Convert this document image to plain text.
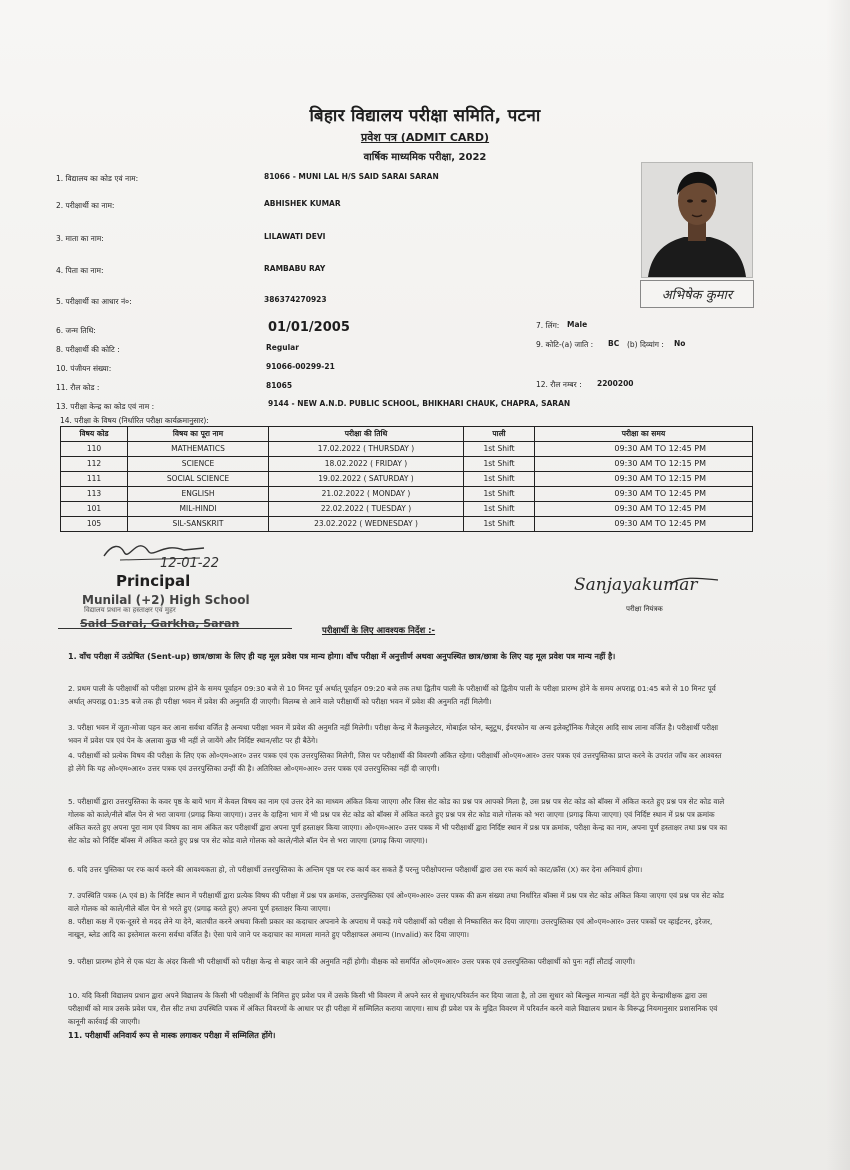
बिहार विद्यालय परीक्षा समिति, पटना
प्रवेश पत्र (ADMIT CARD)
वार्षिक माध्यमिक परीक्षा, 2022
1. विद्यालय का कोड एवं नाम:	81066 - MUNI LAL H/S SAID SARAI SARAN
2. परीक्षार्थी का नाम:	ABHISHEK KUMAR
3. माता का नाम:	LILAWATI DEVI
4. पिता का नाम:	RAMBABU RAY
5. परीक्षार्थी का आधार नं०:	386374270923
6. जन्म तिथि:	01/01/2005	7. लिंग: Male
8. परीक्षार्थी की कोटि :	Regular	9. कोटि-(a) जाति : BC (b) दिव्यांग : No
10. पंजीयन संख्या:	91066-00299-21
11. रौल कोड :	81065	12. रौल नम्बर : 2200200
13. परीक्षा केन्द्र का कोड एवं नाम :	9144 - NEW A.N.D. PUBLIC SCHOOL, BHIKHARI CHAUK, CHAPRA, SARAN
14. परीक्षा के विषय (निर्धारित परीक्षा कार्यक्रमानुसार):
अभिषेक कुमार
विषय कोड	विषय का पूरा नाम	परीक्षा की तिथि	पाली	परीक्षा का समय
110	MATHEMATICS	17.02.2022 ( THURSDAY )	1st Shift	09:30 AM TO 12:45 PM
112	SCIENCE	18.02.2022 ( FRIDAY )	1st Shift	09:30 AM TO 12:15 PM
111	SOCIAL SCIENCE	19.02.2022 ( SATURDAY )	1st Shift	09:30 AM TO 12:15 PM
113	ENGLISH	21.02.2022 ( MONDAY )	1st Shift	09:30 AM TO 12:45 PM
101	MIL-HINDI	22.02.2022 ( TUESDAY )	1st Shift	09:30 AM TO 12:45 PM
105	SIL-SANSKRIT	23.02.2022 ( WEDNESDAY )	1st Shift	09:30 AM TO 12:45 PM
12-01-22
Principal
Munilal (+2) High School
विद्यालय प्रधान का हस्ताक्षर एवं मुहर
Said Sarai, Garkha, Saran
Sanjayakumar
परीक्षा नियंत्रक
परीक्षार्थी के लिए आवश्यक निर्देश :-
1. वाँच परीक्षा में उत्प्रेषित (Sent-up) छात्र/छात्रा के लिए ही यह मूल प्रवेश पत्र मान्य होगा। वाँच परीक्षा में अनुत्तीर्ण अथवा अनुपस्थित छात्र/छात्रा के लिए यह मूल प्रवेश पत्र मान्य नहीं है।
2. प्रथम पाली के परीक्षार्थी को परीक्षा प्रारम्भ होने के समय पूर्वाहन 09:30 बजे से 10 मिनट पूर्व अर्थात् पूर्वाहन 09:20 बजे तक तथा द्वितीय पाली के परीक्षार्थी को द्वितीय पाली के परीक्षा प्रारम्भ होने के समय अपराह्न 01:45 बजे से 10 मिनट पूर्व अर्थात् अपराह्न 01:35 बजे तक ही परीक्षा भवन में प्रवेश की अनुमति दी जाएगी। विलम्ब से आने वाले परीक्षार्थी को परीक्षा भवन में प्रवेश की अनुमति नहीं मिलेगी।
3. परीक्षा भवन में जूता-मोजा पहन कर आना सर्वथा वर्जित है अन्यथा परीक्षा भवन में प्रवेश की अनुमति नहीं मिलेगी। परीक्षा केन्द्र में कैलकुलेटर, मोबाईल फोन, ब्लूटूथ, ईयरफोन या अन्य इलेक्ट्रॉनिक गैजेट्स आदि साथ लाना वर्जित है। परीक्षार्थी परीक्षा भवन में प्रवेश पत्र एवं पेन के अलावा कुछ भी नहीं ले जायेंगे और निर्दिष्ट स्थान/सीट पर ही बैठेंगे।
4. परीक्षार्थी को प्रत्येक विषय की परीक्षा के लिए एक ओ०एम०आर० उत्तर पत्रक एवं एक उत्तरपुस्तिका मिलेगी, जिस पर परीक्षार्थी की विवरणी अंकित रहेगा। परीक्षार्थी ओ०एम०आर० उत्तर पत्रक एवं उत्तरपुस्तिका प्राप्त करने के उपरांत जाँच कर आश्वस्त हो लेंगे कि यह ओ०एम०आर० उत्तर पत्रक एवं उत्तरपुस्तिका उन्हीं की है। अतिरिक्त ओ०एम०आर० उत्तर पत्रक एवं उत्तरपुस्तिका नहीं दी जाएगी।
5. परीक्षार्थी द्वारा उत्तरपुस्तिका के कवर पृष्ठ के बायें भाग में केवल विषय का नाम एवं उत्तर देने का माध्यम अंकित किया जाएगा और जिस सेट कोड का प्रश्न पत्र आपको मिला है, उस प्रश्न पत्र सेट कोड को बॉक्स में अंकित करते हुए प्रश्न पत्र सेट कोड वाले गोलक को काले/नीले बॉल पेन से भरा जायगा (प्रगाढ़ किया जाएगा)। उत्तर के दाहिना भाग में भी प्रश्न पत्र सेट कोड को बॉक्स में अंकित करते हुए प्रश्न पत्र सेट कोड वाले गोलक को भरा जाएगा (प्रगाढ़ किया जाएगा) एवं निर्दिष्ट स्थान में प्रश्न पत्र क्रमांक अंकित करते हुए अपना पूरा नाम एवं विषय का नाम अंकित कर परीक्षार्थी द्वारा अपना पूर्ण हस्ताक्षर किया जाएगा। ओ०एम०आर० उत्तर पत्रक में भी परीक्षार्थी द्वारा निर्दिष्ट स्थान में प्रश्न पत्र क्रमांक, परीक्षा केन्द्र का नाम, अपना पूर्ण हस्ताक्षर तथा प्रश्न पत्र का सेट कोड को निर्दिष्ट बॉक्स में अंकित करते हुए प्रश्न पत्र सेट कोड वाले गोलक को काले/नीले बॉल पेन से भरा जाएगा (प्रगाढ़ किया जाएगा)।
6. यदि उत्तर पुस्तिका पर रफ कार्य करने की आवश्यकता हो, तो परीक्षार्थी उत्तरपुस्तिका के अन्तिम पृष्ठ पर रफ कार्य कर सकते हैं परन्तु परीक्षोपरान्त परीक्षार्थी द्वारा उस रफ कार्य को काट/क्रॉस (X) कर देना अनिवार्य होगा।
7. उपस्थिति पत्रक (A एवं B) के निर्दिष्ट स्थान में परीक्षार्थी द्वारा प्रत्येक विषय की परीक्षा में प्रश्न पत्र क्रमांक, उत्तरपुस्तिका एवं ओ०एम०आर० उत्तर पत्रक की क्रम संख्या तथा निर्धारित बॉक्स में प्रश्न पत्र सेट कोड अंकित किया जाएगा एवं प्रश्न पत्र सेट कोड वाले गोलक को काले/नीले बॉल पेन से भरते हुए (प्रगाढ़ करते हुए) अपना पूर्ण हस्ताक्षर किया जाएगा।
8. परीक्षा कक्ष में एक-दूसरे से मदद लेने या देने, बातचीत करने अथवा किसी प्रकार का कदाचार अपनाने के अपराध में पकड़े गये परीक्षार्थी को परीक्षा से निष्कासित कर दिया जाएगा। उत्तरपुस्तिका एवं ओ०एम०आर० उत्तर पत्रकों पर व्हाईटनर, इरेजर, नाखून, ब्लेड आदि का इस्तेमाल करना सर्वथा वर्जित है। ऐसा पाये जाने पर कदाचार का मामला मानते हुए परीक्षाफल अमान्य (Invalid) कर दिया जाएगा।
9. परीक्षा प्रारम्भ होने से एक घंटा के अंदर किसी भी परीक्षार्थी को परीक्षा केन्द्र से बाहर जाने की अनुमति नहीं होगी। वीक्षक को समर्पित ओ०एम०आर० उत्तर पत्रक एवं उत्तरपुस्तिका परीक्षार्थी को पुनः नहीं लौटाई जाएगी।
10. यदि किसी विद्यालय प्रधान द्वारा अपने विद्यालय के किसी भी परीक्षार्थी के निमित्त हुए प्रवेश पत्र में उसके किसी भी विवरण में अपने स्तर से सुधार/परिवर्तन कर दिया जाता है, तो उस सुधार को बिल्कुल मान्यता नहीं देते हुए केन्द्राधीक्षक द्वारा उस परीक्षार्थी को मात्र उसके प्रवेश पत्र, रौल सीट तथा उपस्थिति पत्रक में अंकित विवरणों के आधार पर ही परीक्षा में सम्मिलित कराया जाएगा। साथ ही प्रवेश पत्र के मुद्रित विवरण में परिवर्तन करने वाले विद्यालय प्रधान के विरूद्ध नियमानुसार प्रशासनिक एवं कानूनी कार्रवाई की जाएगी।
11. परीक्षार्थी अनिवार्य रूप से मास्क लगाकर परीक्षा में सम्मिलित होंगे।
